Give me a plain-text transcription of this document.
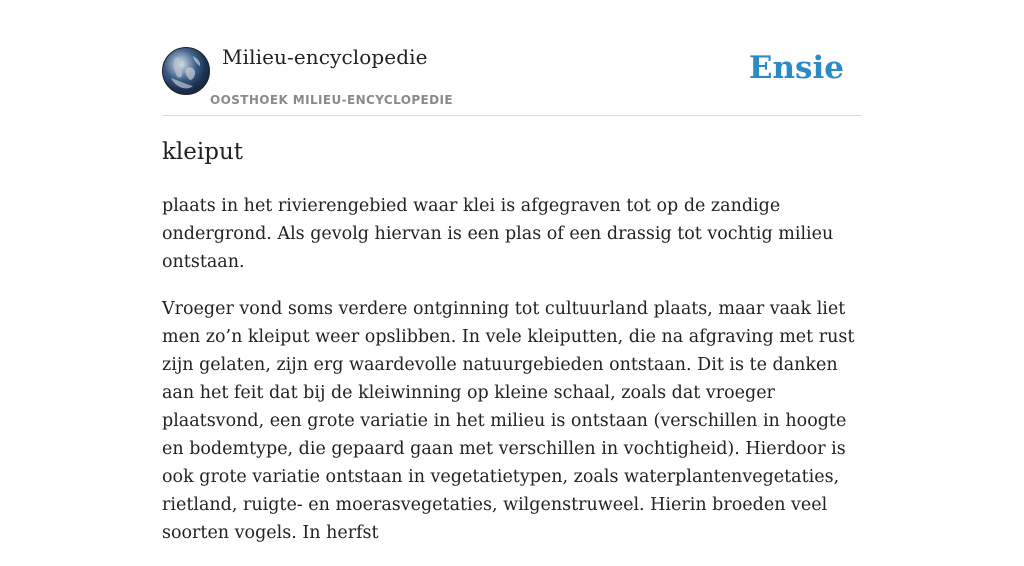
Milieu-encyclopedie
OOSTHOEK MILIEU-ENCYCLOPEDIE
Ensie
kleiput

plaats in het rivierengebied waar klei is afgegraven tot op de zandige ondergrond. Als gevolg hiervan is een plas of een drassig tot vochtig milieu ontstaan.

Vroeger vond soms verdere ontginning tot cultuurland plaats, maar vaak liet men zo’n kleiput weer opslibben. In vele kleiputten, die na afgraving met rust zijn gelaten, zijn erg waardevolle natuurgebieden ontstaan. Dit is te danken aan het feit dat bij de kleiwinning op kleine schaal, zoals dat vroeger plaatsvond, een grote variatie in het milieu is ontstaan (verschillen in hoogte en bodemtype, die gepaard gaan met verschillen in vochtigheid). Hierdoor is ook grote variatie ontstaan in vegetatietypen, zoals waterplantenvegetaties, rietland, ruigte- en moerasvegetaties, wilgenstruweel. Hierin broeden veel soorten vogels. In herfst
